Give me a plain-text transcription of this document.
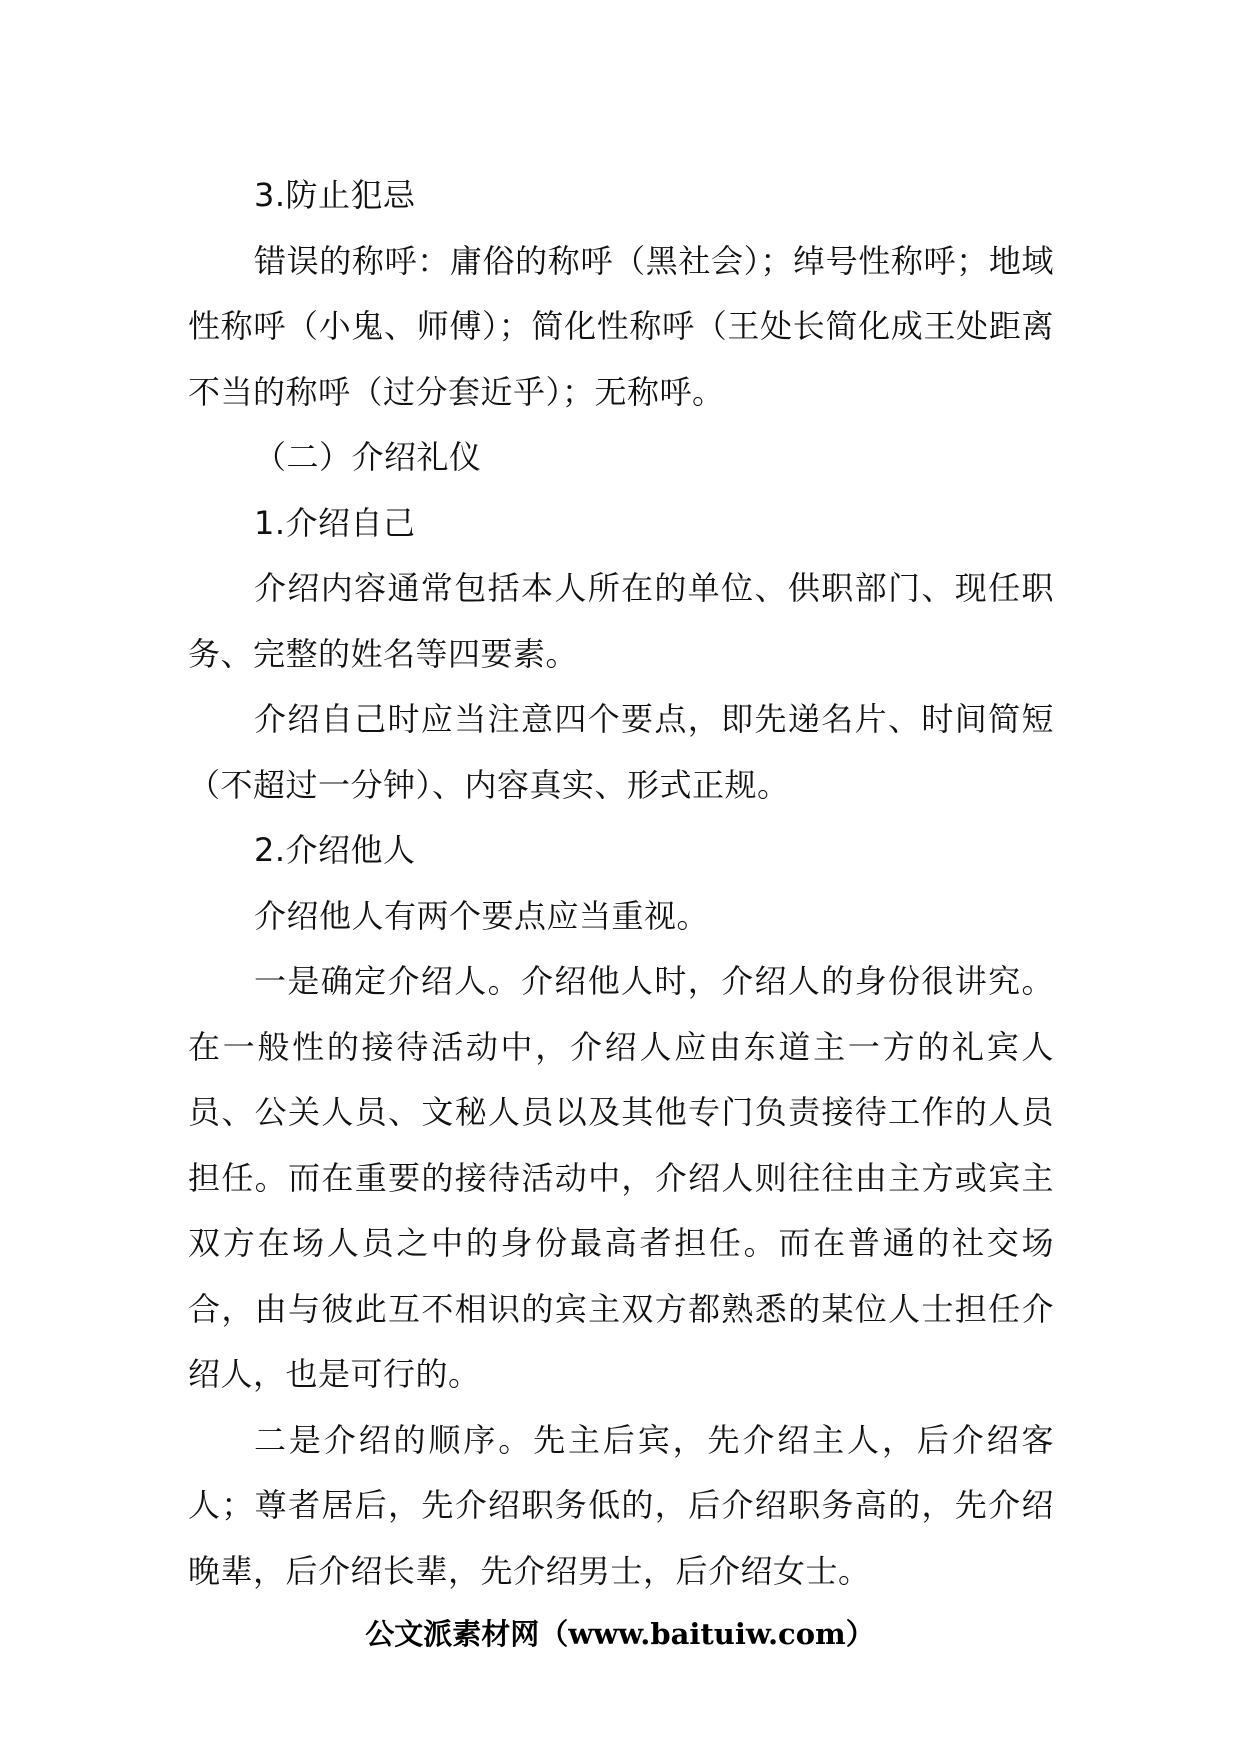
3.防止犯忌

错误的称呼：庸俗的称呼（黑社会）；绰号性称呼；地域性称呼（小鬼、师傅）；简化性称呼（王处长简化成王处距离不当的称呼（过分套近乎）；无称呼。

（二）介绍礼仪

1.介绍自己

介绍内容通常包括本人所在的单位、供职部门、现任职务、完整的姓名等四要素。

介绍自己时应当注意四个要点，即先递名片、时间简短（不超过一分钟）、内容真实、形式正规。

2.介绍他人

介绍他人有两个要点应当重视。

一是确定介绍人。介绍他人时，介绍人的身份很讲究。在一般性的接待活动中，介绍人应由东道主一方的礼宾人员、公关人员、文秘人员以及其他专门负责接待工作的人员担任。而在重要的接待活动中，介绍人则往往由主方或宾主双方在场人员之中的身份最高者担任。而在普通的社交场合，由与彼此互不相识的宾主双方都熟悉的某位人士担任介绍人，也是可行的。

二是介绍的顺序。先主后宾，先介绍主人，后介绍客人；尊者居后，先介绍职务低的，后介绍职务高的，先介绍晚辈，后介绍长辈，先介绍男士，后介绍女士。

公文派素材网（www.baituiw.com）
